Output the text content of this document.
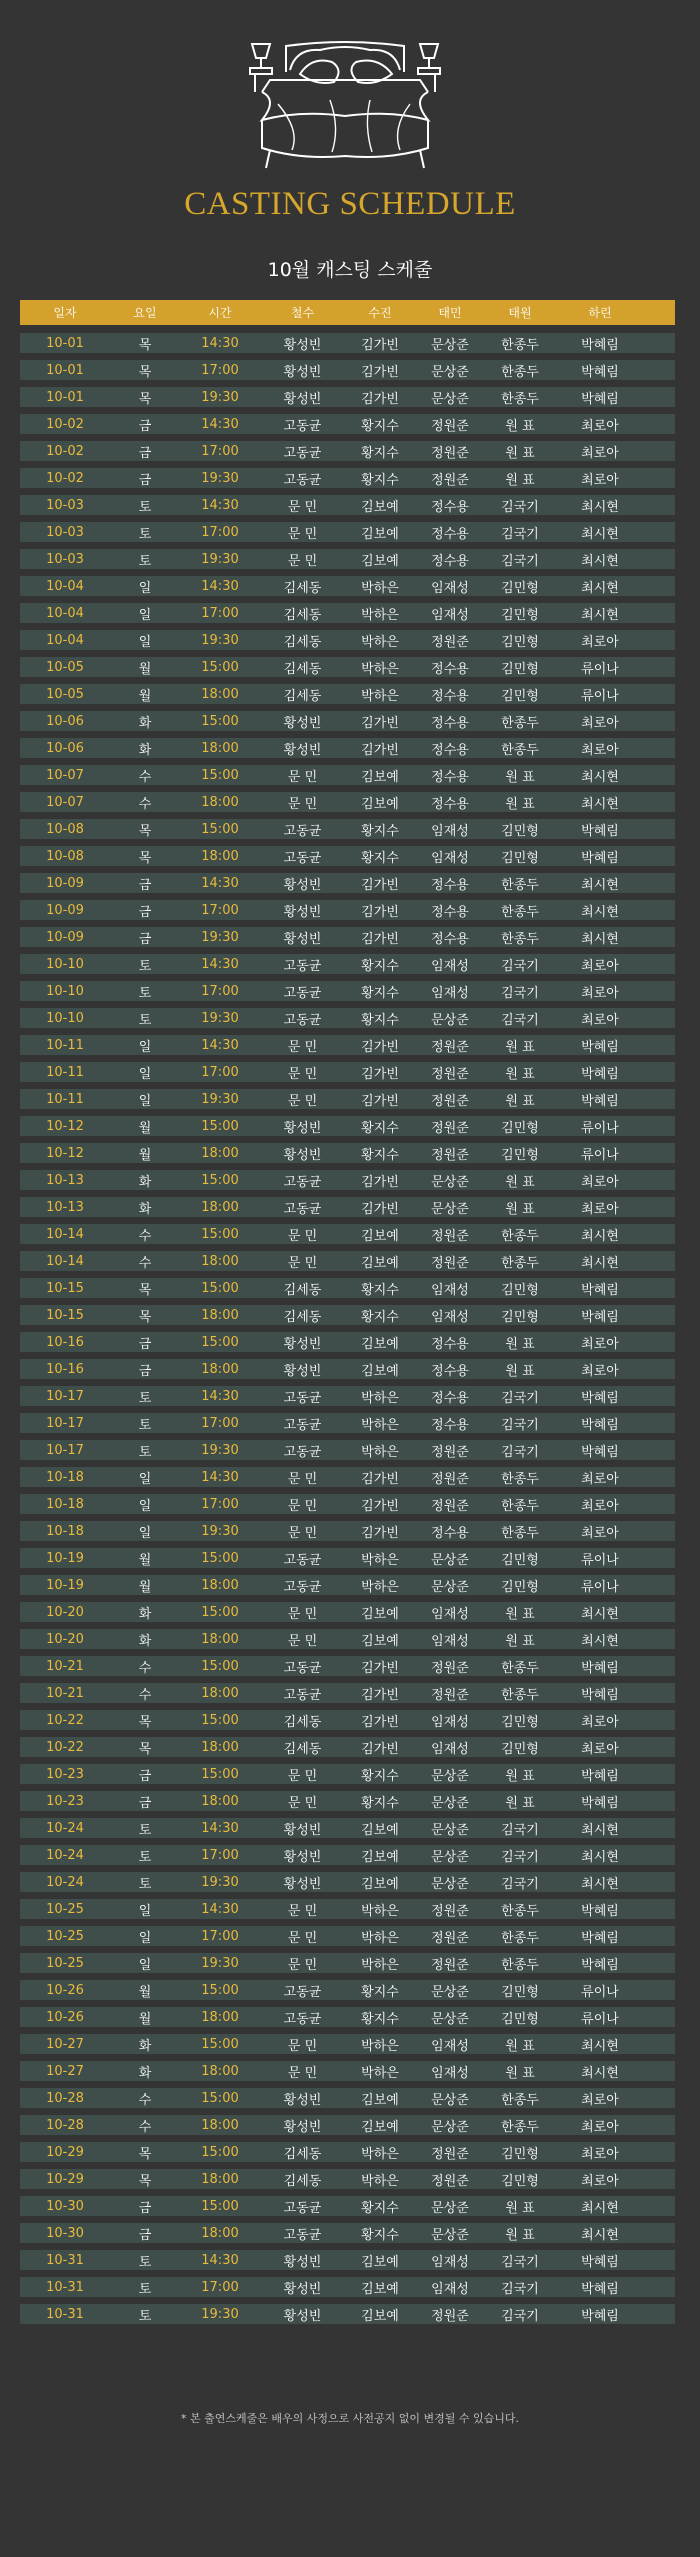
CASTING SCHEDULE
10월 캐스팅 스케줄
일자	요일	시간	철수	수진	태민	태원	하린
10-01	목	14:30	황성빈	김가빈	문상준	한종두	박혜림
10-01	목	17:00	황성빈	김가빈	문상준	한종두	박혜림
10-01	목	19:30	황성빈	김가빈	문상준	한종두	박혜림
10-02	금	14:30	고동균	황지수	정원준	원 표	최로아
10-02	금	17:00	고동균	황지수	정원준	원 표	최로아
10-02	금	19:30	고동균	황지수	정원준	원 표	최로아
10-03	토	14:30	문 민	김보예	정수용	김국기	최시현
10-03	토	17:00	문 민	김보예	정수용	김국기	최시현
10-03	토	19:30	문 민	김보예	정수용	김국기	최시현
10-04	일	14:30	김세동	박하은	임재성	김민형	최시현
10-04	일	17:00	김세동	박하은	임재성	김민형	최시현
10-04	일	19:30	김세동	박하은	정원준	김민형	최로아
10-05	월	15:00	김세동	박하은	정수용	김민형	류이나
10-05	월	18:00	김세동	박하은	정수용	김민형	류이나
10-06	화	15:00	황성빈	김가빈	정수용	한종두	최로아
10-06	화	18:00	황성빈	김가빈	정수용	한종두	최로아
10-07	수	15:00	문 민	김보예	정수용	원 표	최시현
10-07	수	18:00	문 민	김보예	정수용	원 표	최시현
10-08	목	15:00	고동균	황지수	임재성	김민형	박혜림
10-08	목	18:00	고동균	황지수	임재성	김민형	박혜림
10-09	금	14:30	황성빈	김가빈	정수용	한종두	최시현
10-09	금	17:00	황성빈	김가빈	정수용	한종두	최시현
10-09	금	19:30	황성빈	김가빈	정수용	한종두	최시현
10-10	토	14:30	고동균	황지수	임재성	김국기	최로아
10-10	토	17:00	고동균	황지수	임재성	김국기	최로아
10-10	토	19:30	고동균	황지수	문상준	김국기	최로아
10-11	일	14:30	문 민	김가빈	정원준	원 표	박혜림
10-11	일	17:00	문 민	김가빈	정원준	원 표	박혜림
10-11	일	19:30	문 민	김가빈	정원준	원 표	박혜림
10-12	월	15:00	황성빈	황지수	정원준	김민형	류이나
10-12	월	18:00	황성빈	황지수	정원준	김민형	류이나
10-13	화	15:00	고동균	김가빈	문상준	원 표	최로아
10-13	화	18:00	고동균	김가빈	문상준	원 표	최로아
10-14	수	15:00	문 민	김보예	정원준	한종두	최시현
10-14	수	18:00	문 민	김보예	정원준	한종두	최시현
10-15	목	15:00	김세동	황지수	임재성	김민형	박혜림
10-15	목	18:00	김세동	황지수	임재성	김민형	박혜림
10-16	금	15:00	황성빈	김보예	정수용	원 표	최로아
10-16	금	18:00	황성빈	김보예	정수용	원 표	최로아
10-17	토	14:30	고동균	박하은	정수용	김국기	박혜림
10-17	토	17:00	고동균	박하은	정수용	김국기	박혜림
10-17	토	19:30	고동균	박하은	정원준	김국기	박혜림
10-18	일	14:30	문 민	김가빈	정원준	한종두	최로아
10-18	일	17:00	문 민	김가빈	정원준	한종두	최로아
10-18	일	19:30	문 민	김가빈	정수용	한종두	최로아
10-19	월	15:00	고동균	박하은	문상준	김민형	류이나
10-19	월	18:00	고동균	박하은	문상준	김민형	류이나
10-20	화	15:00	문 민	김보예	임재성	원 표	최시현
10-20	화	18:00	문 민	김보예	임재성	원 표	최시현
10-21	수	15:00	고동균	김가빈	정원준	한종두	박혜림
10-21	수	18:00	고동균	김가빈	정원준	한종두	박혜림
10-22	목	15:00	김세동	김가빈	임재성	김민형	최로아
10-22	목	18:00	김세동	김가빈	임재성	김민형	최로아
10-23	금	15:00	문 민	황지수	문상준	원 표	박혜림
10-23	금	18:00	문 민	황지수	문상준	원 표	박혜림
10-24	토	14:30	황성빈	김보예	문상준	김국기	최시현
10-24	토	17:00	황성빈	김보예	문상준	김국기	최시현
10-24	토	19:30	황성빈	김보예	문상준	김국기	최시현
10-25	일	14:30	문 민	박하은	정원준	한종두	박혜림
10-25	일	17:00	문 민	박하은	정원준	한종두	박혜림
10-25	일	19:30	문 민	박하은	정원준	한종두	박혜림
10-26	월	15:00	고동균	황지수	문상준	김민형	류이나
10-26	월	18:00	고동균	황지수	문상준	김민형	류이나
10-27	화	15:00	문 민	박하은	임재성	원 표	최시현
10-27	화	18:00	문 민	박하은	임재성	원 표	최시현
10-28	수	15:00	황성빈	김보예	문상준	한종두	최로아
10-28	수	18:00	황성빈	김보예	문상준	한종두	최로아
10-29	목	15:00	김세동	박하은	정원준	김민형	최로아
10-29	목	18:00	김세동	박하은	정원준	김민형	최로아
10-30	금	15:00	고동균	황지수	문상준	원 표	최시현
10-30	금	18:00	고동균	황지수	문상준	원 표	최시현
10-31	토	14:30	황성빈	김보예	임재성	김국기	박혜림
10-31	토	17:00	황성빈	김보예	임재성	김국기	박혜림
10-31	토	19:30	황성빈	김보예	정원준	김국기	박혜림
* 본 출연스케줄은 배우의 사정으로 사전공지 없이 변경될 수 있습니다.
